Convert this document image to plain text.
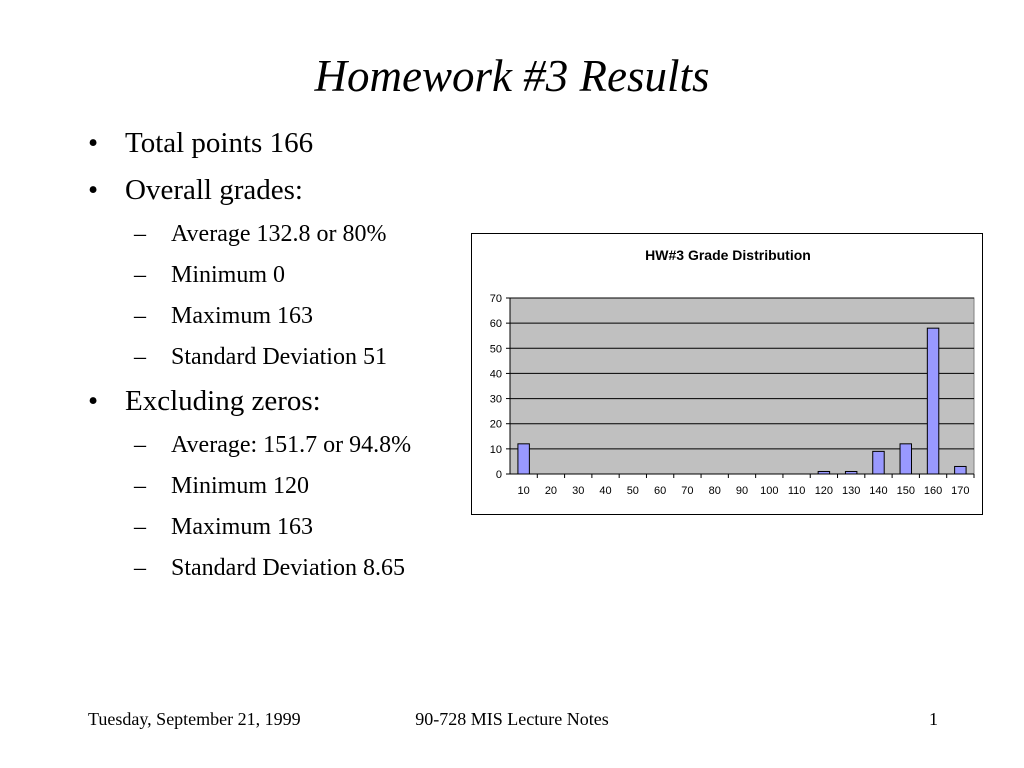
Homework #3 Results
• Total points 166
• Overall grades:
– Average 132.8 or 80%
– Minimum 0
– Maximum 163
– Standard Deviation 51
• Excluding zeros:
– Average: 151.7 or 94.8%
– Minimum 120
– Maximum 163
– Standard Deviation 8.65
HW#3 Grade Distribution
0
10
20
30
40
50
60
70
10 20 30 40 50 60 70 80 90 100 110 120 130 140 150 160 170
Tuesday, September 21, 1999	90-728 MIS Lecture Notes	1
